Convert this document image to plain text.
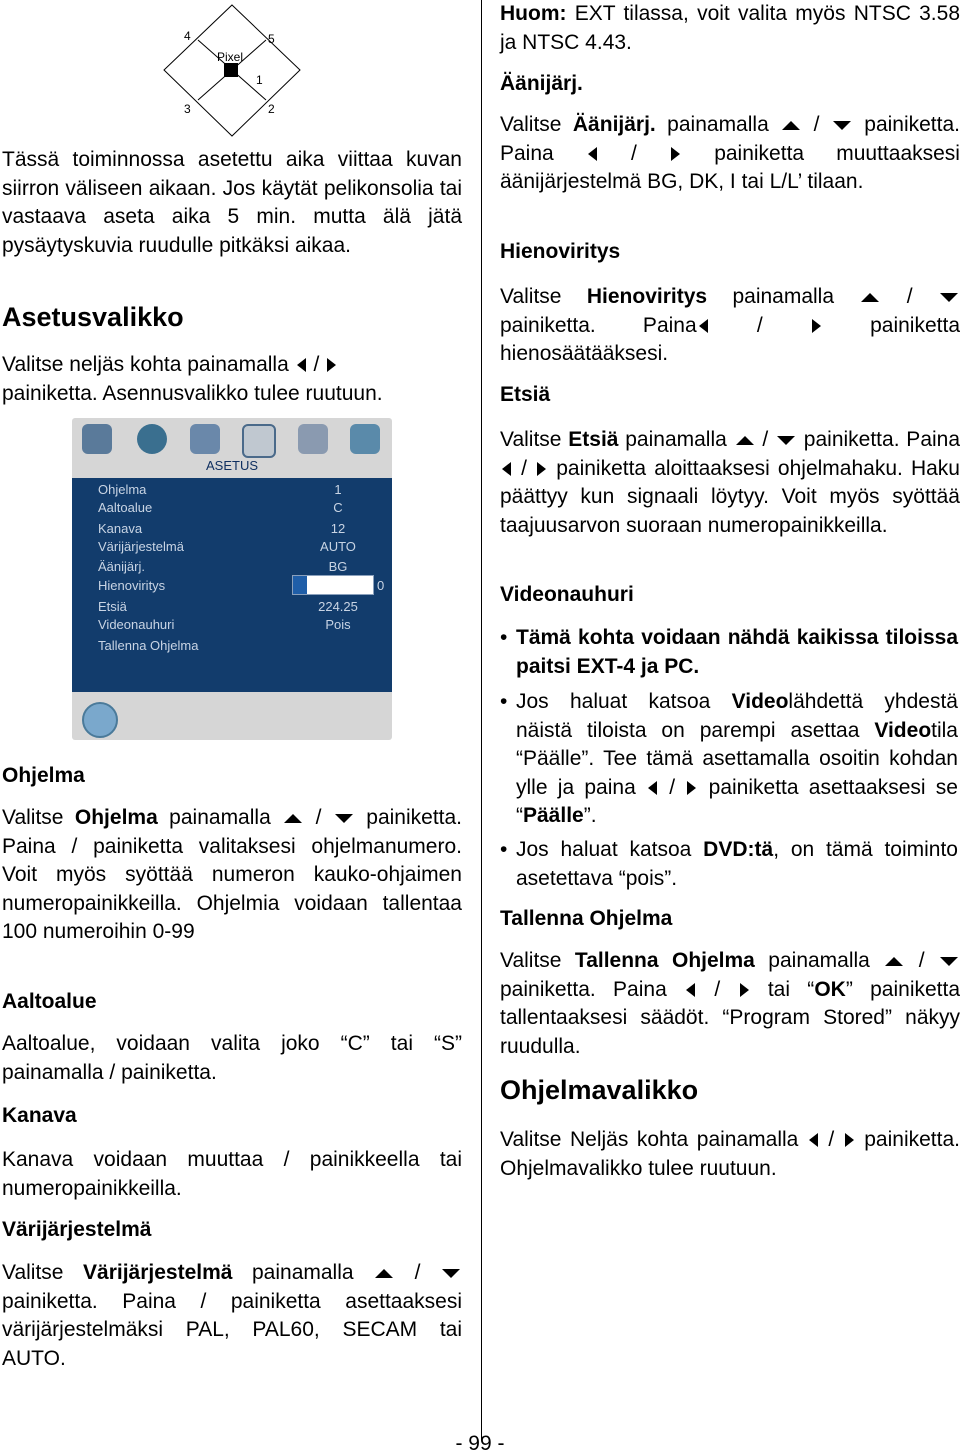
Pixel
1
2
3
4	5
Tässä toiminnossa asetettu aika viittaa kuvan siirron väliseen aikaan. Jos käytät pelikonsolia tai vastaava aseta aika 5 min. mutta älä jätä pysäytyskuvia ruudulle pitkäksi aikaa.
Asetusvalikko
Valitse neljäs kohta painamalla  /
painiketta. Asennusvalikko tulee ruutuun.
Ohjelma
Valitse Ohjelma painamalla  /  painiketta. Paina / painiketta valitaksesi ohjelmanumero. Voit myös syöttää numeron kauko-ohjaimen numeropainikkeilla. Ohjelmia voidaan tallentaa 100 numeroihin 0-99
Aaltoalue
Aaltoalue, voidaan valita joko “C” tai “S” painamalla / painiketta.
Kanava
Kanava voidaan muuttaa / painikkeella tai numeropainikkeilla.
Värijärjestelmä
Valitse Värijärjestelmä painamalla  /  painiketta. Paina / painiketta asettaaksesi värijärjestelmäksi PAL, PAL60, SECAM tai AUTO.
ASETUS
Ohjelma	1
Aaltoalue	C
Kanava	12
Värijärjestelmä	AUTO
Äänijärj.	BG
Hienoviritys	0
Etsiä	224.25
Videonauhuri	Pois
Tallenna Ohjelma
Huom: EXT tilassa, voit valita myös NTSC 3.58 ja NTSC 4.43.
Äänijärj.
Valitse Äänijärj. painamalla  /  painiketta. Paina  /  painiketta muuttaaksesi äänijärjestelmä BG, DK, I tai L/L’ tilaan.
Hienoviritys
Valitse Hienoviritys painamalla  /  painiketta. Paina /  painiketta hienosäätääksesi.
Etsiä
Valitse Etsiä painamalla  /  painiketta. Paina  /  painiketta aloittaaksesi ohjelmahaku. Haku päättyy kun signaali löytyy. Voit myös syöttää taajuusarvon suoraan numeropainikkeilla.
Videonauhuri
• Tämä kohta voidaan nähdä kaikissa tiloissa paitsi EXT-4 ja PC.
• Jos haluat katsoa Videolähdettä yhdestä näistä tiloista on parempi asettaa Videotila “Päälle”. Tee tämä asettamalla osoitin kohdan ylle ja paina  /  painiketta asettaaksesi se “Päälle”.
• Jos haluat katsoa DVD:tä, on tämä toiminto asetettava “pois”.
Tallenna Ohjelma
Valitse Tallenna Ohjelma painamalla  /  painiketta. Paina  /  tai “OK” painiketta tallentaaksesi säädöt. “Program Stored” näkyy ruudulla.
Ohjelmavalikko
Valitse Neljäs kohta painamalla  /  painiketta. Ohjelmavalikko tulee ruutuun.
- 99 -
